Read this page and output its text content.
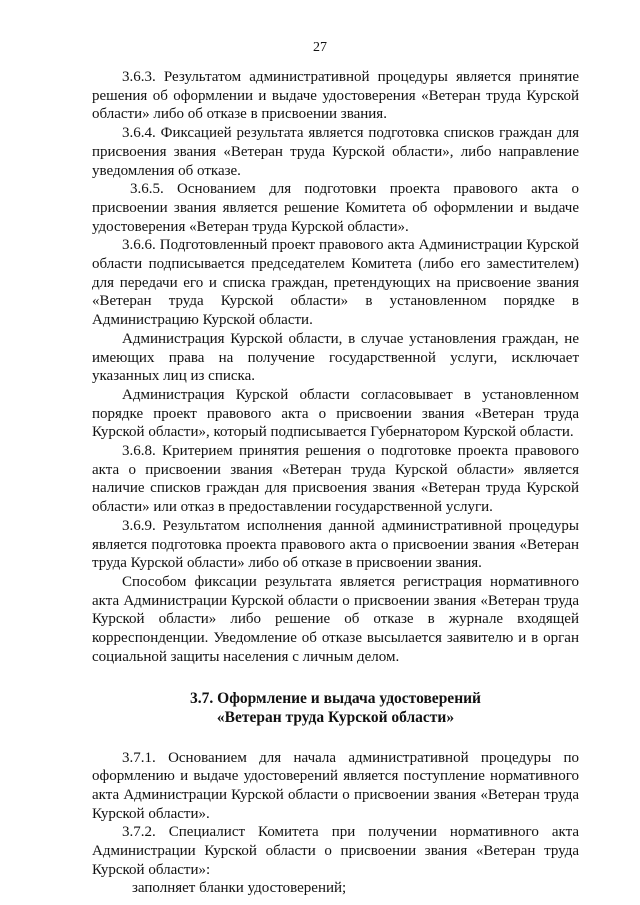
27

3.6.3. Результатом административной процедуры является принятие решения об оформлении и выдаче удостоверения «Ветеран труда Курской области» либо об отказе в присвоении звания.

3.6.4. Фиксацией результата является подготовка списков граждан для присвоения звания «Ветеран труда Курской области», либо направление уведомления об отказе.

3.6.5. Основанием для подготовки проекта правового акта о присвоении звания является решение Комитета об оформлении и выдаче удостоверения «Ветеран труда Курской области».

3.6.6. Подготовленный проект правового акта Администрации Курской области подписывается председателем Комитета (либо его заместителем) для передачи его и списка граждан, претендующих на присвоение звания «Ветеран труда Курской области» в установленном порядке в Администрацию Курской области.

Администрация Курской области, в случае установления граждан, не имеющих права на получение государственной услуги, исключает указанных лиц из списка.

Администрация Курской области согласовывает в установленном порядке проект правового акта о присвоении звания «Ветеран труда Курской области», который подписывается Губернатором Курской области.

3.6.8. Критерием принятия решения о подготовке проекта правового акта о присвоении звания «Ветеран труда Курской области» является наличие списков граждан для присвоения звания «Ветеран труда Курской области» или отказ в предоставлении государственной услуги.

3.6.9. Результатом исполнения данной административной процедуры является подготовка проекта правового акта о присвоении звания «Ветеран труда Курской области» либо об отказе в присвоении звания.

Способом фиксации результата является регистрация нормативного акта Администрации Курской области о присвоении звания «Ветеран труда Курской области» либо решение об отказе в журнале входящей корреспонденции. Уведомление об отказе высылается заявителю и в орган социальной защиты населения с личным делом.

3.7. Оформление и выдача удостоверений
«Ветеран труда Курской области»

3.7.1. Основанием для начала административной процедуры по оформлению и выдаче удостоверений является поступление нормативного акта Администрации Курской области о присвоении звания «Ветеран труда Курской области».

3.7.2. Специалист Комитета при получении нормативного акта Администрации Курской области о присвоении звания «Ветеран труда Курской области»:

заполняет бланки удостоверений;
